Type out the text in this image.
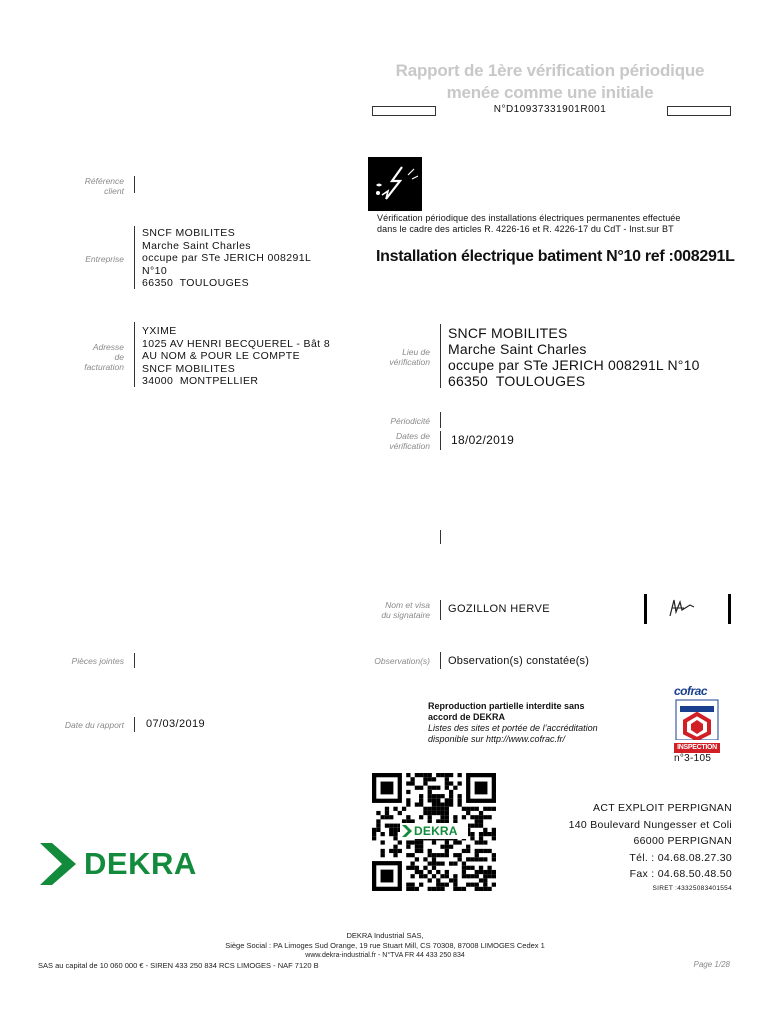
Rapport de 1ère vérification périodique
menée comme une initiale
N°D10937331901R001
Référence
client
Entreprise
SNCF MOBILITES
Marche Saint Charles
occupe par STe JERICH 008291L
N°10
66350  TOULOUGES
Adresse
de
facturation
YXIME
1025 AV HENRI BECQUEREL - Bât 8
AU NOM & POUR LE COMPTE
SNCF MOBILITES
34000  MONTPELLIER
Pièces jointes
Date du rapport 07/03/2019
Vérification périodique des installations électriques permanentes effectuée
dans le cadre des articles R. 4226-16 et R. 4226-17 du CdT - Inst.sur BT
Installation électrique batiment N°10 ref :008291L
Lieu de
vérification
SNCF MOBILITES
Marche Saint Charles
occupe par STe JERICH 008291L N°10
66350  TOULOUGES
Périodicité
Dates de
vérification 18/02/2019
Nom et visa
du signataire GOZILLON HERVE
Observation(s) Observation(s) constatée(s)
Reproduction partielle interdite sans
accord de DEKRA
Listes des sites et portée de l’accréditation
disponible sur http://www.cofrac.fr/
cofrac
INSPECTION
n°3-105
DEKRA
ACT EXPLOIT PERPIGNAN
140 Boulevard Nungesser et Coli
66000 PERPIGNAN
Tél. : 04.68.08.27.30
Fax : 04.68.50.48.50
SIRET :43325083401554
DEKRA
DEKRA Industrial SAS,
Siège Social : PA Limoges Sud Orange, 19 rue Stuart Mill, CS 70308, 87008 LIMOGES Cedex 1
www.dekra-industrial.fr - N°TVA FR 44 433 250 834
SAS au capital de 10 060 000 € - SIREN 433 250 834 RCS LIMOGES - NAF 7120 B	Page 1/28
